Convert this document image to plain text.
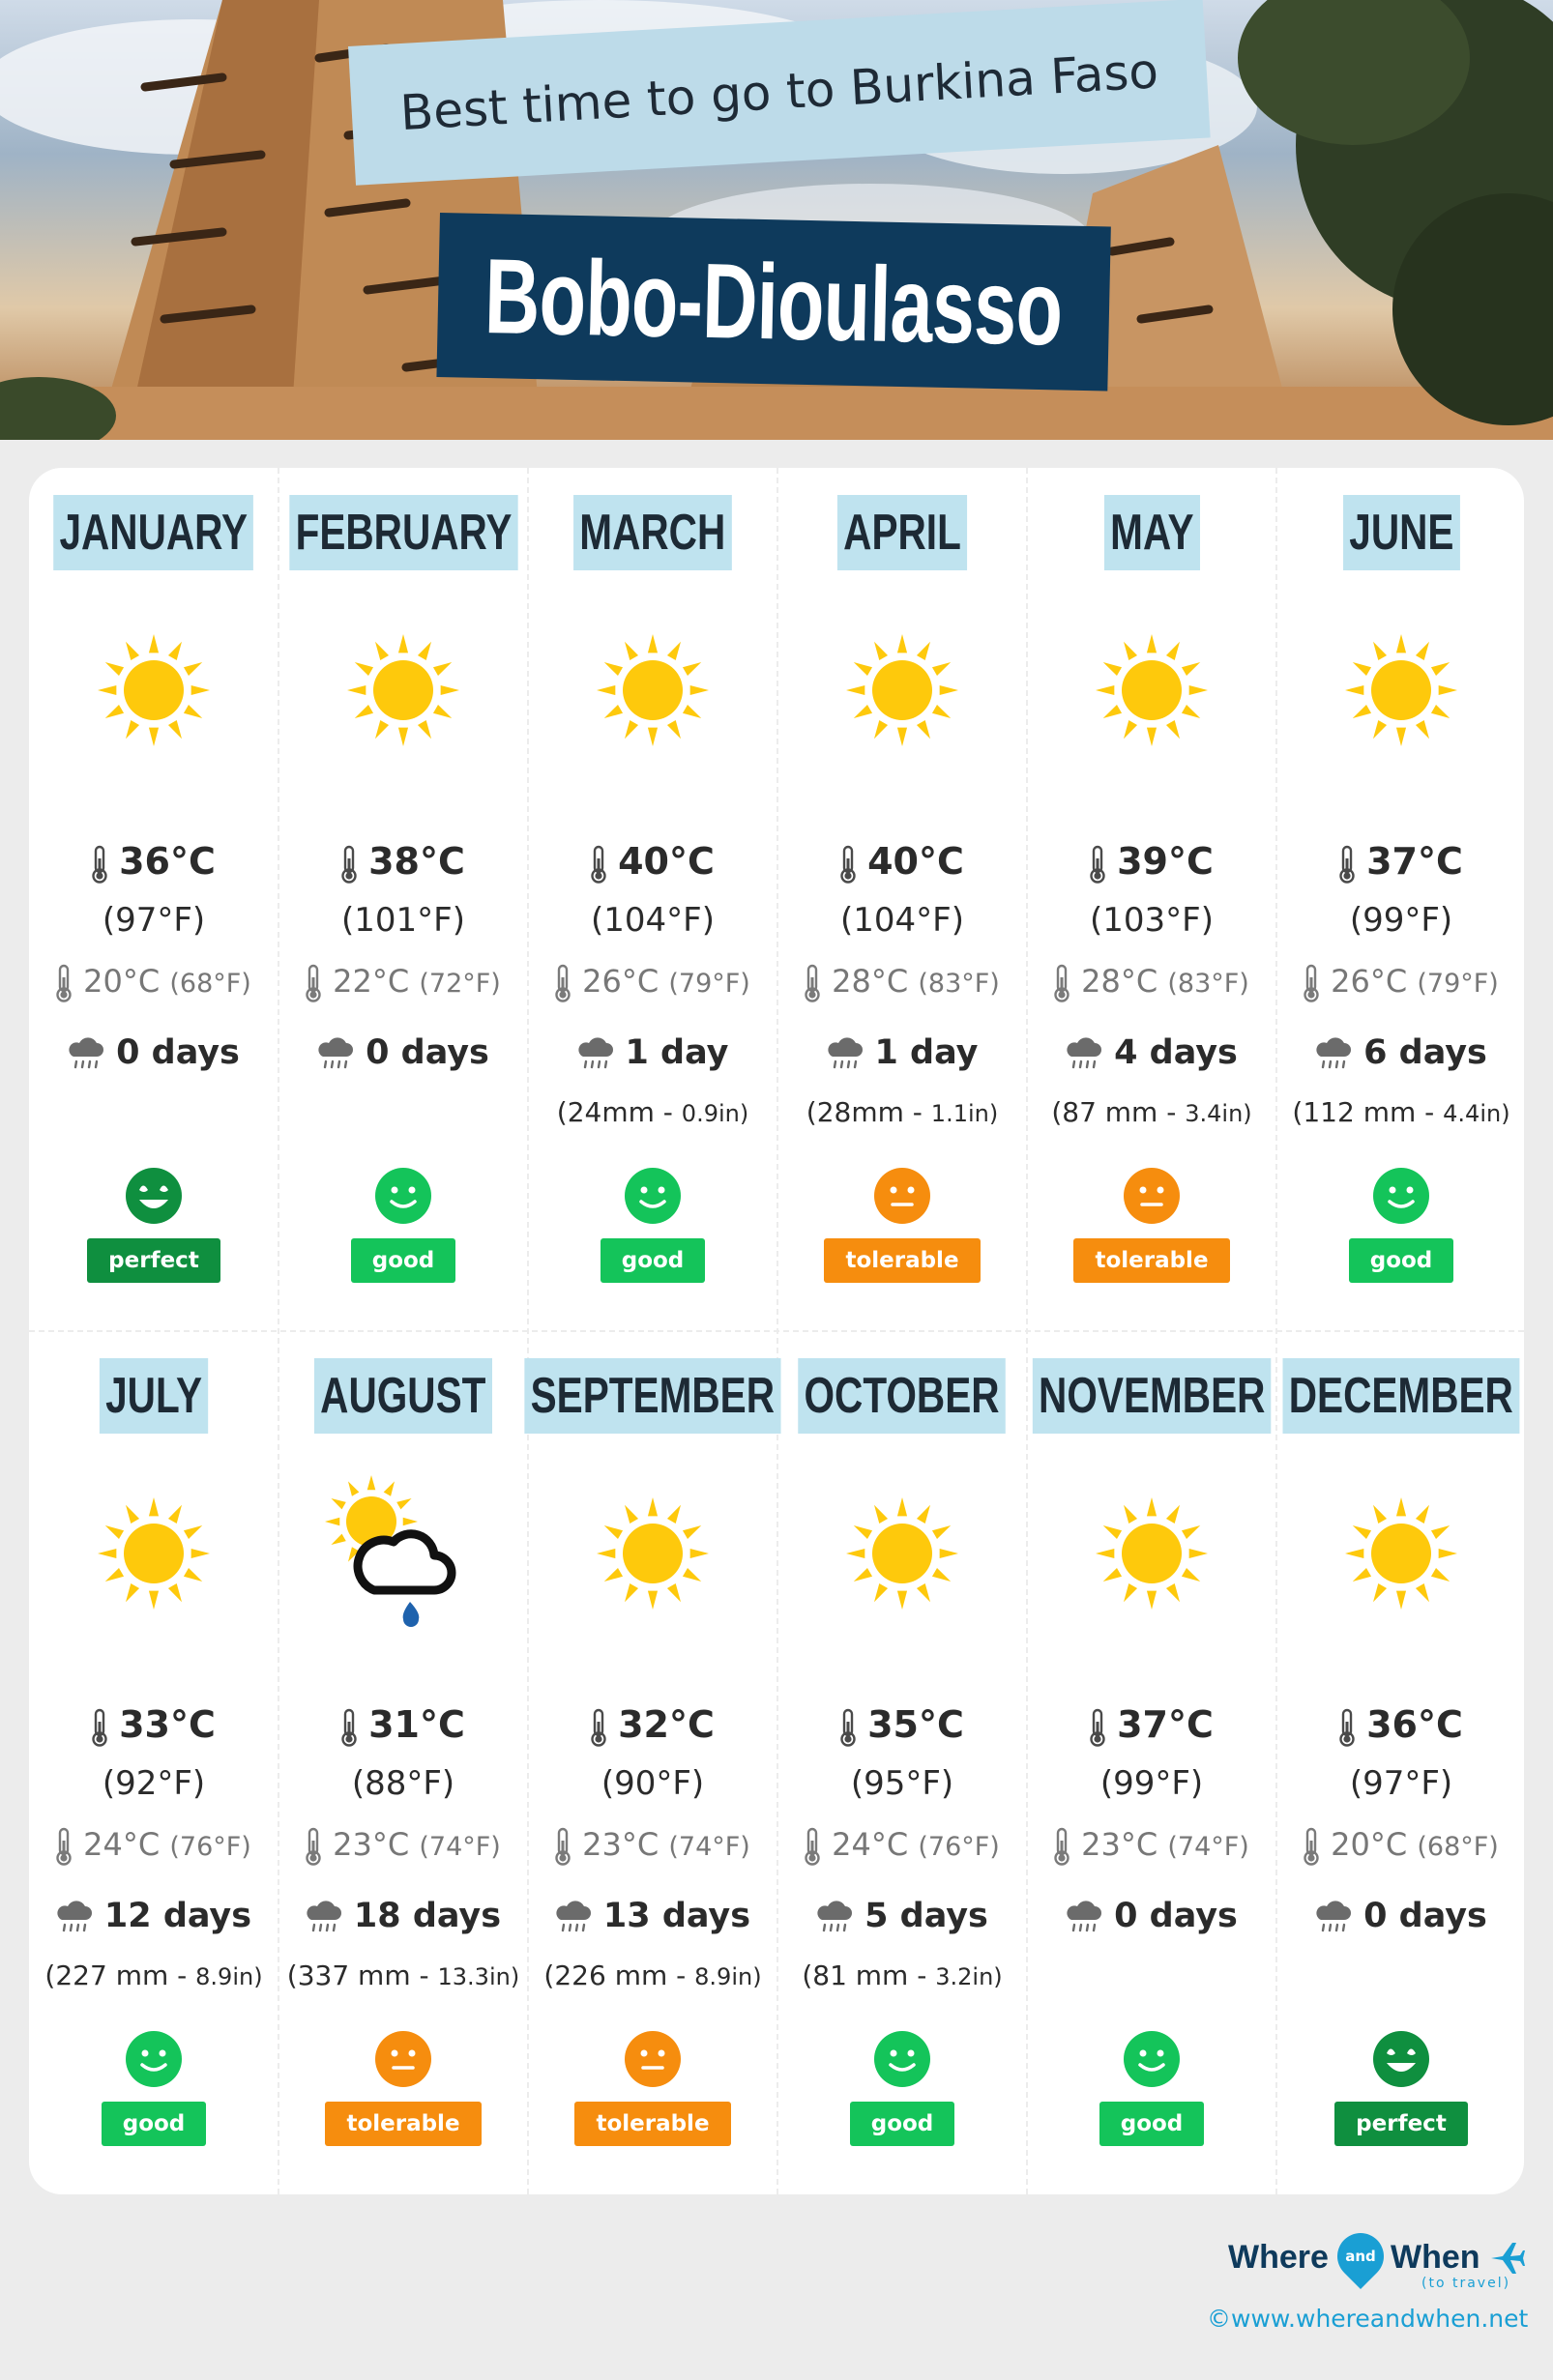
Best time to go to Burkina Faso
Bobo-Dioulasso
JANUARY
36°C
(97°F)
20°C (68°F)
0 days
perfect
FEBRUARY
38°C
(101°F)
22°C (72°F)
0 days
good
MARCH
40°C
(104°F)
26°C (79°F)
1 day
(24mm - 0.9in)
good
APRIL
40°C
(104°F)
28°C (83°F)
1 day
(28mm - 1.1in)
tolerable
MAY
39°C
(103°F)
28°C (83°F)
4 days
(87 mm - 3.4in)
tolerable
JUNE
37°C
(99°F)
26°C (79°F)
6 days
(112 mm - 4.4in)
good
JULY
33°C
(92°F)
24°C (76°F)
12 days
(227 mm - 8.9in)
good
AUGUST
31°C
(88°F)
23°C (74°F)
18 days
(337 mm - 13.3in)
tolerable
SEPTEMBER
32°C
(90°F)
23°C (74°F)
13 days
(226 mm - 8.9in)
tolerable
OCTOBER
35°C
(95°F)
24°C (76°F)
5 days
(81 mm - 3.2in)
good
NOVEMBER
37°C
(99°F)
23°C (74°F)
0 days
good
DECEMBER
36°C
(97°F)
20°C (68°F)
0 days
perfect
Where	and When
(to travel)
©www.whereandwhen.net
